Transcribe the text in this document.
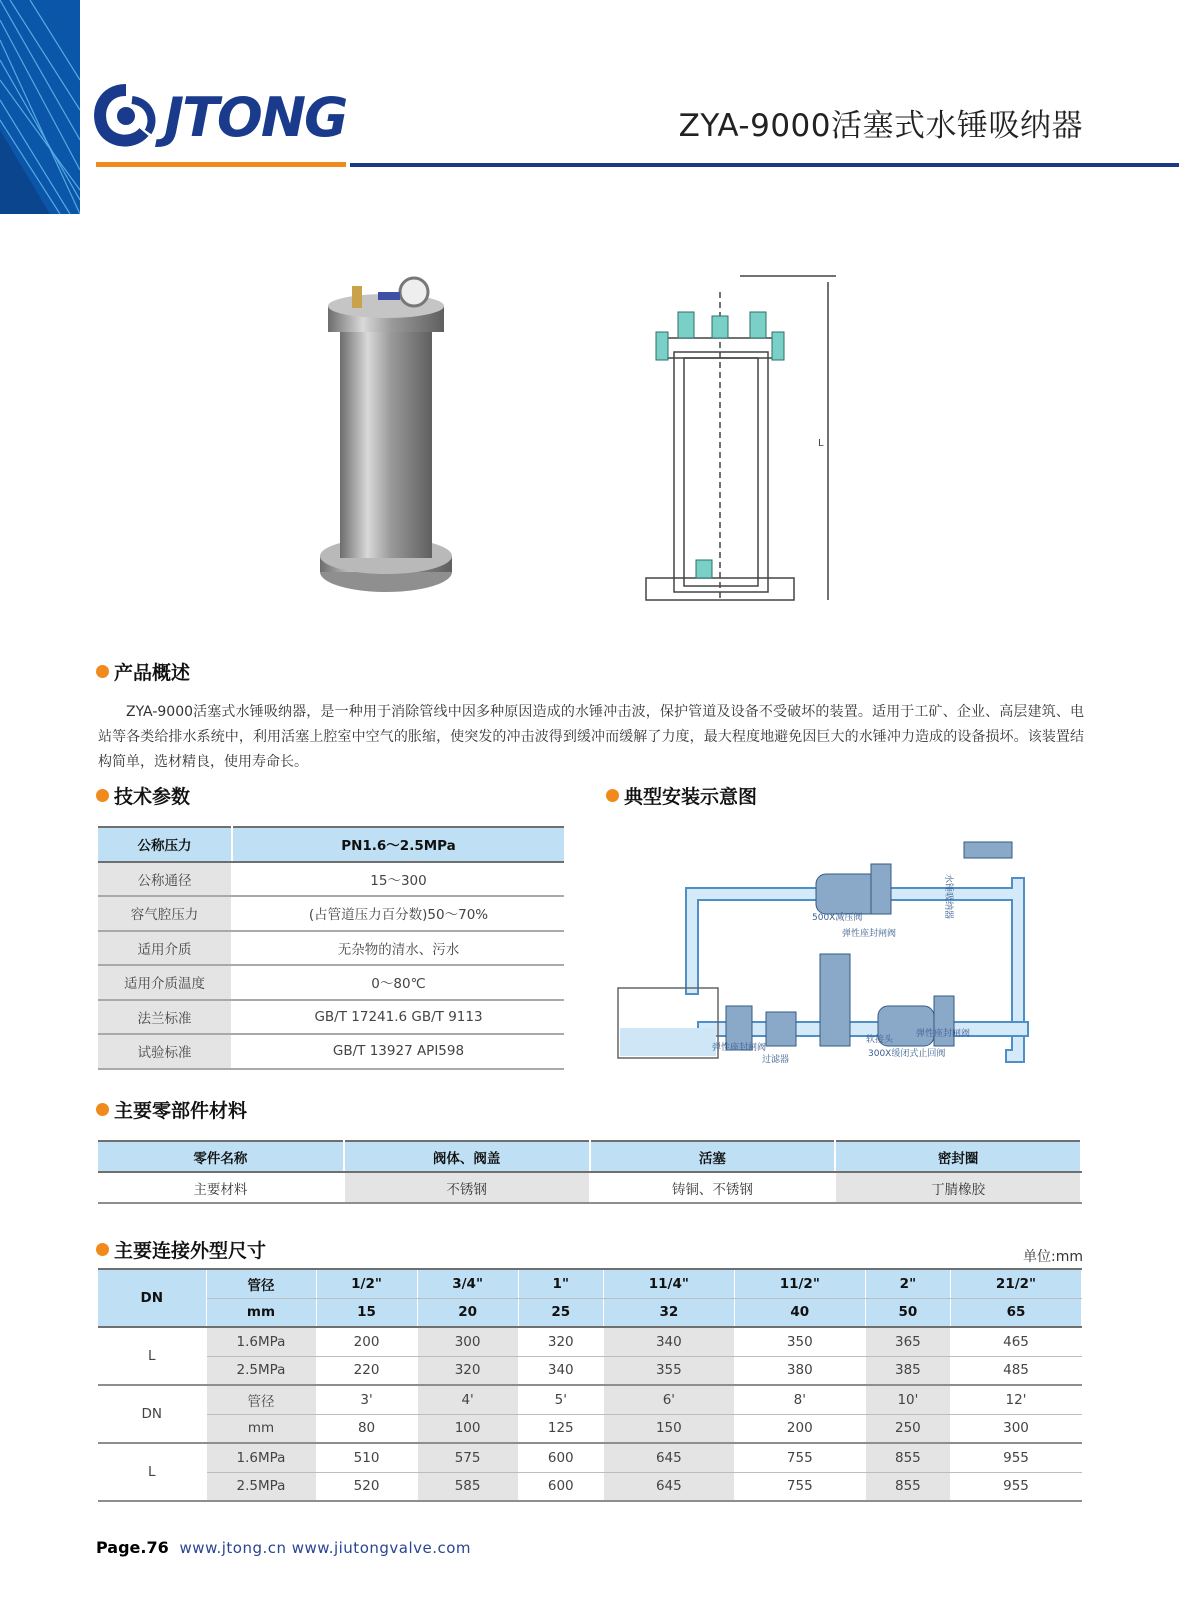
JTONG	ZYA-9000活塞式水锤吸纳器
L
产品概述

ZYA-9000活塞式水锤吸纳器，是一种用于消除管线中因多种原因造成的水锤冲击波，保护管道及设备不受破坏的装置。适用于工矿、企业、高层建筑、电站等各类给排水系统中，利用活塞上腔室中空气的胀缩，使突发的冲击波得到缓冲而缓解了力度，最大程度地避免因巨大的水锤冲力造成的设备损坏。该装置结构简单，选材精良，使用寿命长。

技术参数
公称压力	PN1.6～2.5MPa
公称通径	15～300
容气腔压力	(占管道压力百分数)50～70%
适用介质	无杂物的清水、污水
适用介质温度	0～80℃
法兰标准	GB/T 17241.6 GB/T 9113
试验标准	GB/T 13927 API598
典型安装示意图
水锤吸纳器
500X减压阀
弹性座封闸阀
弹性座封闸阀
过滤器
软接头
弹性座封闸阀
300X缓闭式止回阀
主要零部件材料
零件名称	阀体、阀盖	活塞	密封圈
主要材料	不锈钢	铸铜、不锈钢	丁腈橡胶
主要连接外型尺寸	单位:mm
DN	管径	1/2"	3/4"	1"	11/4"	11/2"	2"	21/2"
	mm	15	20	25	32	40	50	65
L	1.6MPa	200	300	320	340	350	365	465
	2.5MPa	220	320	340	355	380	385	485
DN	管径	3'	4'	5'	6'	8'	10'	12'
	mm	80	100	125	150	200	250	300
L	1.6MPa	510	575	600	645	755	855	955
	2.5MPa	520	585	600	645	755	855	955
Page.76 www.jtong.cn www.jiutongvalve.com
